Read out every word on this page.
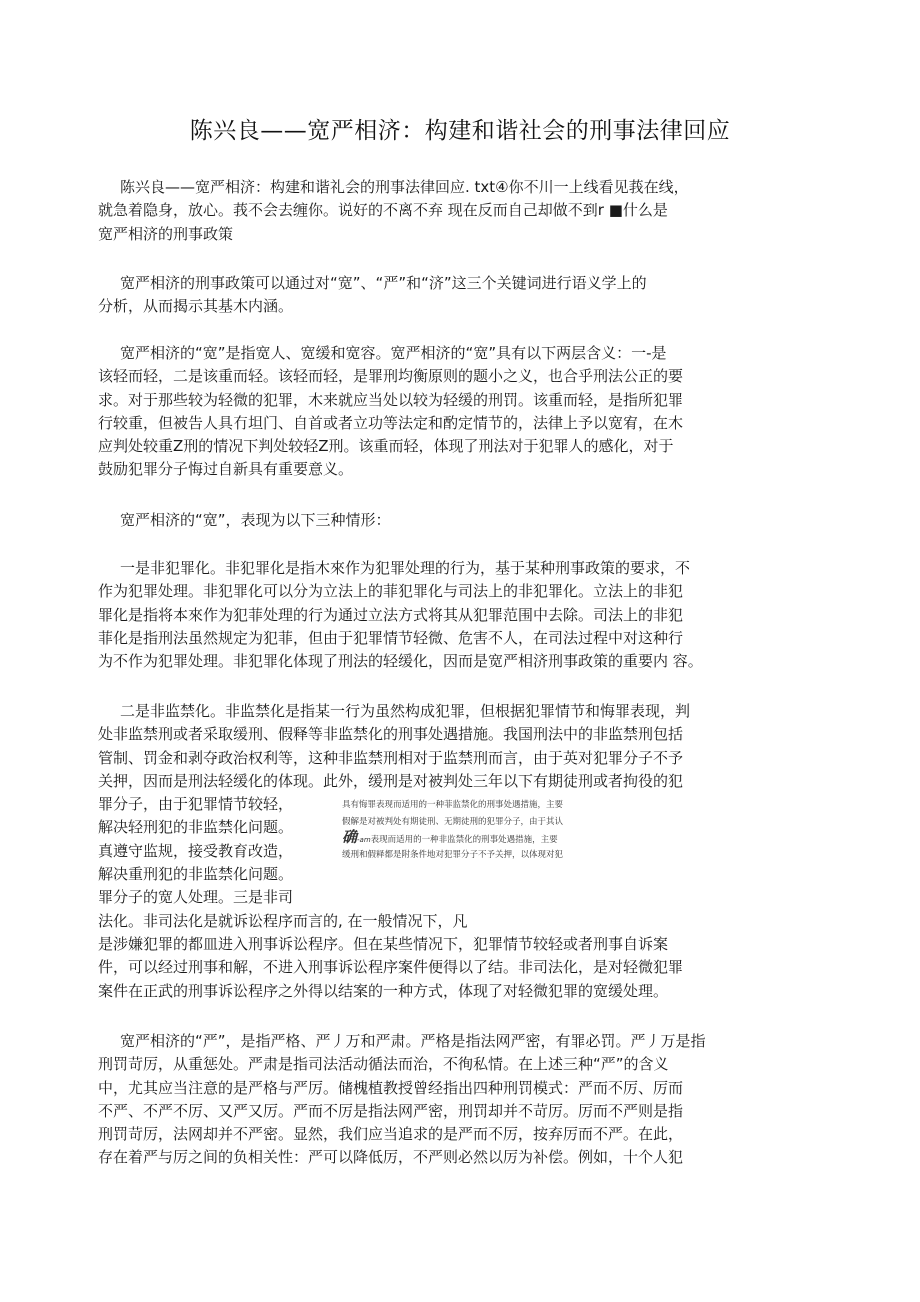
陈兴良——宽严相济：构建和谐社会的刑事法律回应
陈兴良——宽严相济：构建和谐礼会的刑事法律回应. txt④你不川一上线看见莪在线，
就急着隐身，放心。莪不会去缠你。说好的不离不弃 现在反而自己却做不到r ■什么是
宽严相济的刑事政策
宽严相济的刑事政策可以通过对“宽”、“严”和“济”这三个关键词进行语义学上的
分析，从而揭示其基木内涵。
宽严相济的“宽”是指宽人、宽缓和宽容。宽严相济的“宽”具有以下两层含义：一-是
该轻而轻，二是该重而轻。该轻而轻，是罪刑均衡原则的题小之义，也合乎刑法公正的要
求。对于那些较为轻微的犯罪，木来就应当处以较为轻缓的刑罚。该重而轻，是指所犯罪
行较重，但被告人具冇坦门、自首或者立功等法定和酌定情节的，法律上予以宽宥，在木
应判处较重Z刑的情况下判处较轻Z刑。该重而轻，体现了刑法对于犯罪人的感化，对于
鼓励犯罪分子悔过自新具有重要意义。
宽严相济的“宽”，表现为以下三种情形：
一是非犯罪化。非犯罪化是指木來作为犯罪处理的行为，基于某种刑事政策的要求，不
作为犯罪处理。非犯罪化可以分为立法上的菲犯罪化与司法上的非犯罪化。立法上的非犯
罪化是指将本來作为犯菲处理的行为通过立法方式将其从犯罪范围中去除。司法上的非犯
菲化是指刑法虽然规定为犯菲，但由于犯罪情节轻微、危害不人，在司法过程中对这种行
为不作为犯罪处理。非犯罪化体现了刑法的轻缓化，因而是宽严相济刑事政策的重要内 容。
二是非监禁化。非监禁化是指某一行为虽然构成犯罪，但根据犯罪情节和悔罪表现，判
处非监禁刑或者采取缓刑、假释等非监禁化的刑事处遇措施。我国刑法中的非监禁刑包括
管制、罚金和剥夺政治权利等，这种非监禁刑相对于监禁刑而言，由于英对犯罪分子不予
关押，因而是刑法轻缓化的体现。此外，缓刑是对被判处三年以下有期徒刑或者拘役的犯
罪分子，由于犯罪情节较轻，
解决轻刑犯的非监禁化问题。
真遵守监规，接受教育改造，
解决重刑犯的非监禁化问题。
罪分子的宽人处理。三是非司
法化。非司法化是就诉讼程序而言的, 在一般情况下，凡
是涉嫌犯罪的都皿进入刑事诉讼程序。但在某些情况下，犯罪情节较轻或者刑事自诉案
件，可以经过刑事和解，不进入刑事诉讼程序案件便得以了结。非司法化，是对轻微犯罪
案件在正武的刑事诉讼程序之外得以结案的一种方式，体现了对轻微犯罪的宽缓处理。
具有悔罪表现而适用的一种菲监禁化的刑事处遇措施，主要
假解是对被判处有期徒刑、无期徒刑的犯罪分子，由于其认
确-am表现而适用的一种非监禁化的刑事处遇措施，主要
缓刑和假释都是附条件地对犯罪分子不予关押，以体现对犯
宽严相济的“严”，是指严格、严丿万和严肃。严格是指法网严密，有罪必罚。严丿万是指
刑罚苛厉，从重惩处。严肃是指司法活动循法而治，不徇私情。在上述三种“严”的含义
中，尤其应当注意的是严格与严厉。储槐植教授曾经指出四种刑罚模式：严而不厉、厉而
不严、不严不厉、又严又厉。严而不厉是指法网严密，刑罚却并不苛厉。厉而不严则是指
刑罚苛厉，法网却并不严密。显然，我们应当追求的是严而不厉，按弃厉而不严。在此，
存在着严与厉之间的负相关性：严可以降低厉，不严则必然以厉为补偿。例如，十个人犯
